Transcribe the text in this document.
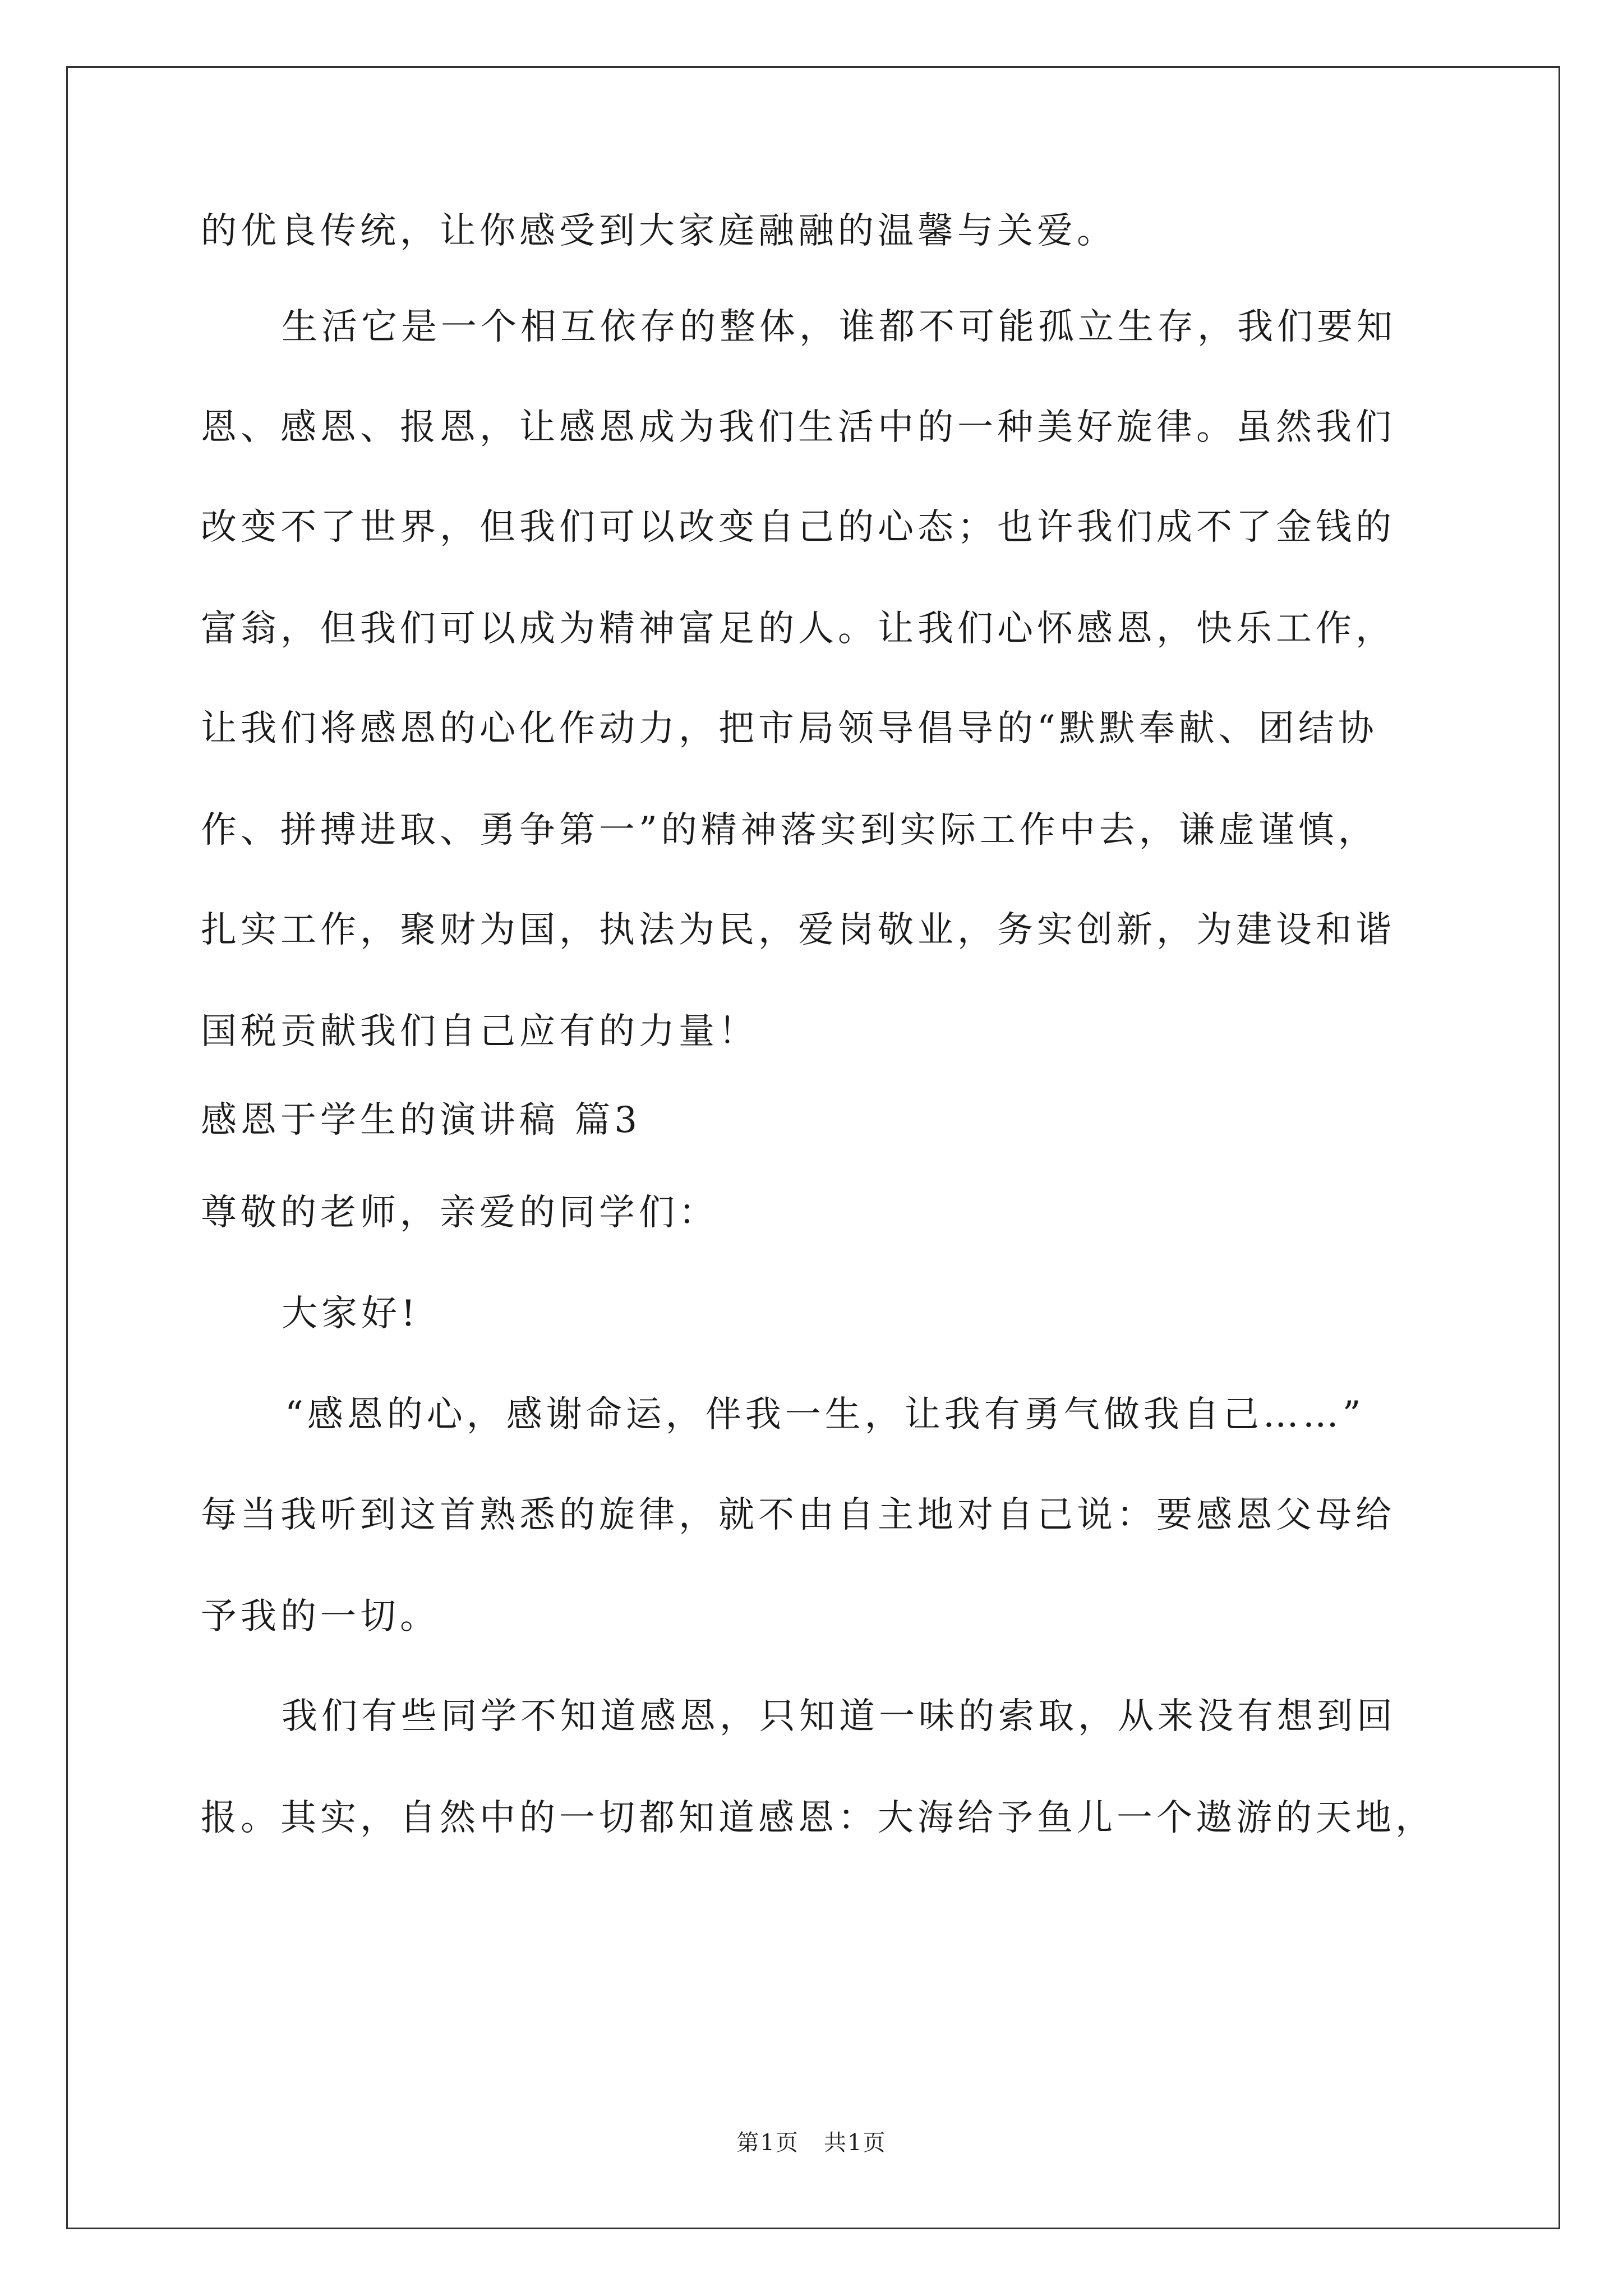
的优良传统，让你感受到大家庭融融的温馨与关爱。
生活它是一个相互依存的整体，谁都不可能孤立生存，我们要知
恩、感恩、报恩，让感恩成为我们生活中的一种美好旋律。虽然我们
改变不了世界，但我们可以改变自己的心态；也许我们成不了金钱的
富翁，但我们可以成为精神富足的人。让我们心怀感恩，快乐工作，
让我们将感恩的心化作动力，把市局领导倡导的“默默奉献、团结协
作、拼搏进取、勇争第一”的精神落实到实际工作中去，谦虚谨慎，
扎实工作，聚财为国，执法为民，爱岗敬业，务实创新，为建设和谐
国税贡献我们自己应有的力量！
感恩于学生的演讲稿 篇3
尊敬的老师，亲爱的同学们：
大家好!
“感恩的心，感谢命运，伴我一生，让我有勇气做我自己……”
每当我听到这首熟悉的旋律，就不由自主地对自己说：要感恩父母给
予我的一切。
我们有些同学不知道感恩，只知道一味的索取，从来没有想到回
报。其实，自然中的一切都知道感恩：大海给予鱼儿一个遨游的天地，
第1页   共1页
